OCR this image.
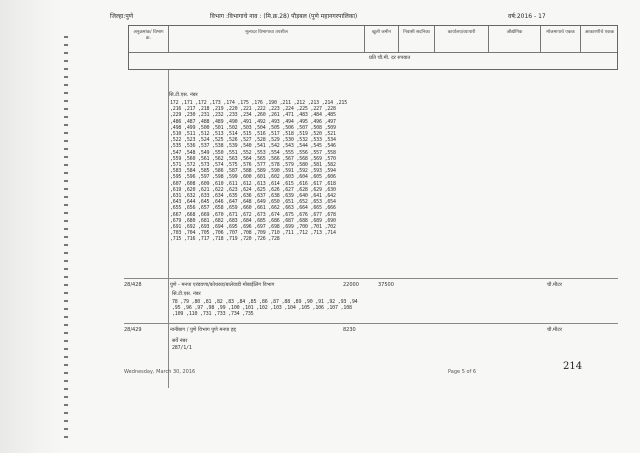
जिल्हा:पुणे	विभाग :विभागाचे नाव : (मि.क्र.28) पौड़बल (पुणे महानगरपालिका)	वर्ष:2016 - 17
अनुक्रमांक/ विभाग क्र.
मूल्यदर विभागाचा तपशील	खुली जमीन	निवासी सदनिका	कार्यालय/व्यापारी	औद्योगिक	मोजमापाचे एकक	आकारणीचे एकक
प्रति चौ.मी. दर रुपयात
सि.टी.एस. नंबर
172 ,171 ,172 ,173 ,174 ,175 ,176 ,190 ,211 ,212 ,213 ,214 ,215
,216 ,217 ,218 ,219 ,220 ,221 ,222 ,223 ,224 ,225 ,227 ,228
,229 ,230 ,231 ,232 ,233 ,234 ,260 ,261 ,471 ,483 ,484 ,485
,486 ,487 ,488 ,489 ,490 ,491 ,492 ,493 ,494 ,495 ,496 ,497
,498 ,499 ,500 ,501 ,502 ,503 ,504 ,505 ,506 ,507 ,508 ,509
,510 ,511 ,512 ,513 ,514 ,515 ,516 ,517 ,518 ,519 ,520 ,521
,522 ,523 ,524 ,525 ,526 ,527 ,528 ,529 ,530 ,532 ,533 ,534
,535 ,536 ,537 ,538 ,539 ,540 ,541 ,542 ,543 ,544 ,545 ,546
,547 ,548 ,549 ,550 ,551 ,552 ,553 ,554 ,555 ,556 ,557 ,558
,559 ,560 ,561 ,562 ,563 ,564 ,565 ,566 ,567 ,568 ,569 ,570
,571 ,572 ,573 ,574 ,575 ,576 ,577 ,578 ,579 ,580 ,581 ,582
,583 ,584 ,585 ,586 ,587 ,588 ,589 ,590 ,591 ,592 ,593 ,594
,595 ,596 ,597 ,598 ,599 ,600 ,601 ,602 ,603 ,604 ,605 ,606
,607 ,608 ,609 ,610 ,611 ,612 ,613 ,614 ,615 ,616 ,617 ,618
,619 ,620 ,621 ,622 ,623 ,624 ,625 ,626 ,627 ,628 ,629 ,630
,631 ,632 ,633 ,634 ,635 ,636 ,637 ,638 ,639 ,640 ,641 ,642
,643 ,644 ,645 ,646 ,647 ,648 ,649 ,650 ,651 ,652 ,653 ,654
,655 ,656 ,657 ,658 ,659 ,660 ,661 ,662 ,663 ,664 ,665 ,666
,667 ,668 ,669 ,670 ,671 ,672 ,673 ,674 ,675 ,676 ,677 ,678
,679 ,680 ,681 ,682 ,683 ,684 ,685 ,686 ,687 ,688 ,689 ,690
,691 ,692 ,693 ,694 ,695 ,696 ,697 ,698 ,699 ,700 ,701 ,702
,703 ,704 ,705 ,706 ,707 ,708 ,709 ,710 ,711 ,712 ,713 ,714
,715 ,716 ,717 ,718 ,719 ,720 ,726 ,728
28/428	पुणे - मनपा एरंडवणा/कोथरुड/बालेवाडी मोबाईलिंग विभाग	22000	37500	चौ.मीटर
सि.टी.एस. नंबर
78 ,79 ,80 ,81 ,82 ,83 ,84 ,85 ,86 ,87 ,88 ,89 ,90 ,91 ,92 ,93 ,94
,95 ,96 ,97 ,98 ,99 ,100 ,101 ,102 ,103 ,104 ,105 ,106 ,107 ,108
,109 ,110 ,731 ,733 ,734 ,735
28/429	नानीबाग / पुणे विभाग पुणे मनपा हद्द	8230	चौ.मीटर
सर्वे नंबर
287/1/1
Wednesday, March 30, 2016	Page 5 of 6	214
